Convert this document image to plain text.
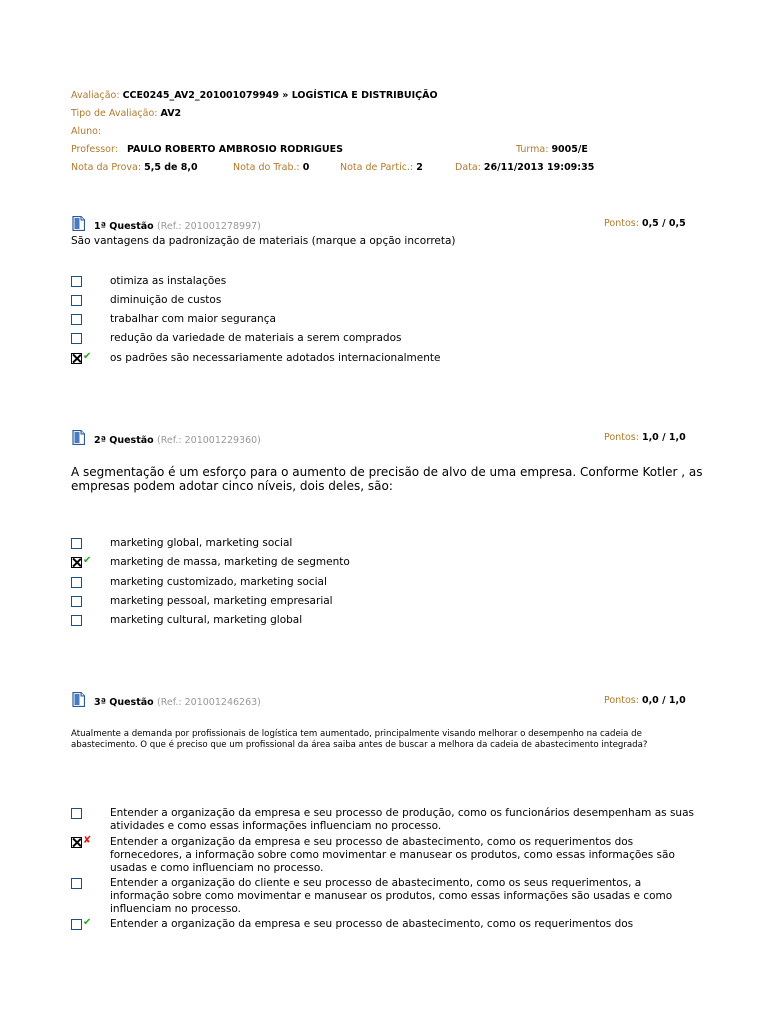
Avaliação: CCE0245_AV2_201001079949 » LOGÍSTICA E DISTRIBUIÇÃO
Tipo de Avaliação: AV2
Aluno:
Professor: PAULO ROBERTO AMBROSIO RODRIGUES	Turma: 9005/E
Nota da Prova: 5,5 de 8,0	Nota do Trab.: 0	Nota de Partic.: 2	Data: 26/11/2013 19:09:35
1ª Questão (Ref.: 201001278997)	Pontos: 0,5 / 0,5
São vantagens da padronização de materiais (marque a opção incorreta)
otimiza as instalações
diminuição de custos
trabalhar com maior segurança
redução da variedade de materiais a serem comprados
✔ os padrões são necessariamente adotados internacionalmente
2ª Questão (Ref.: 201001229360)	Pontos: 1,0 / 1,0
A segmentação é um esforço para o aumento de precisão de alvo de uma empresa. Conforme Kotler , as empresas podem adotar cinco níveis, dois deles, são:
marketing global, marketing social
✔ marketing de massa, marketing de segmento
marketing customizado, marketing social
marketing pessoal, marketing empresarial
marketing cultural, marketing global
3ª Questão (Ref.: 201001246263)	Pontos: 0,0 / 1,0
Atualmente a demanda por profissionais de logística tem aumentado, principalmente visando melhorar o desempenho na cadeia de abastecimento. O que é preciso que um profissional da área saiba antes de buscar a melhora da cadeia de abastecimento integrada?
Entender a organização da empresa e seu processo de produção, como os funcionários desempenham as suas atividades e como essas informações influenciam no processo.
✘ Entender a organização da empresa e seu processo de abastecimento, como os requerimentos dos fornecedores, a informação sobre como movimentar e manusear os produtos, como essas informações são usadas e como influenciam no processo.
Entender a organização do cliente e seu processo de abastecimento, como os seus requerimentos, a informação sobre como movimentar e manusear os produtos, como essas informações são usadas e como influenciam no processo.
✔ Entender a organização da empresa e seu processo de abastecimento, como os requerimentos dos
